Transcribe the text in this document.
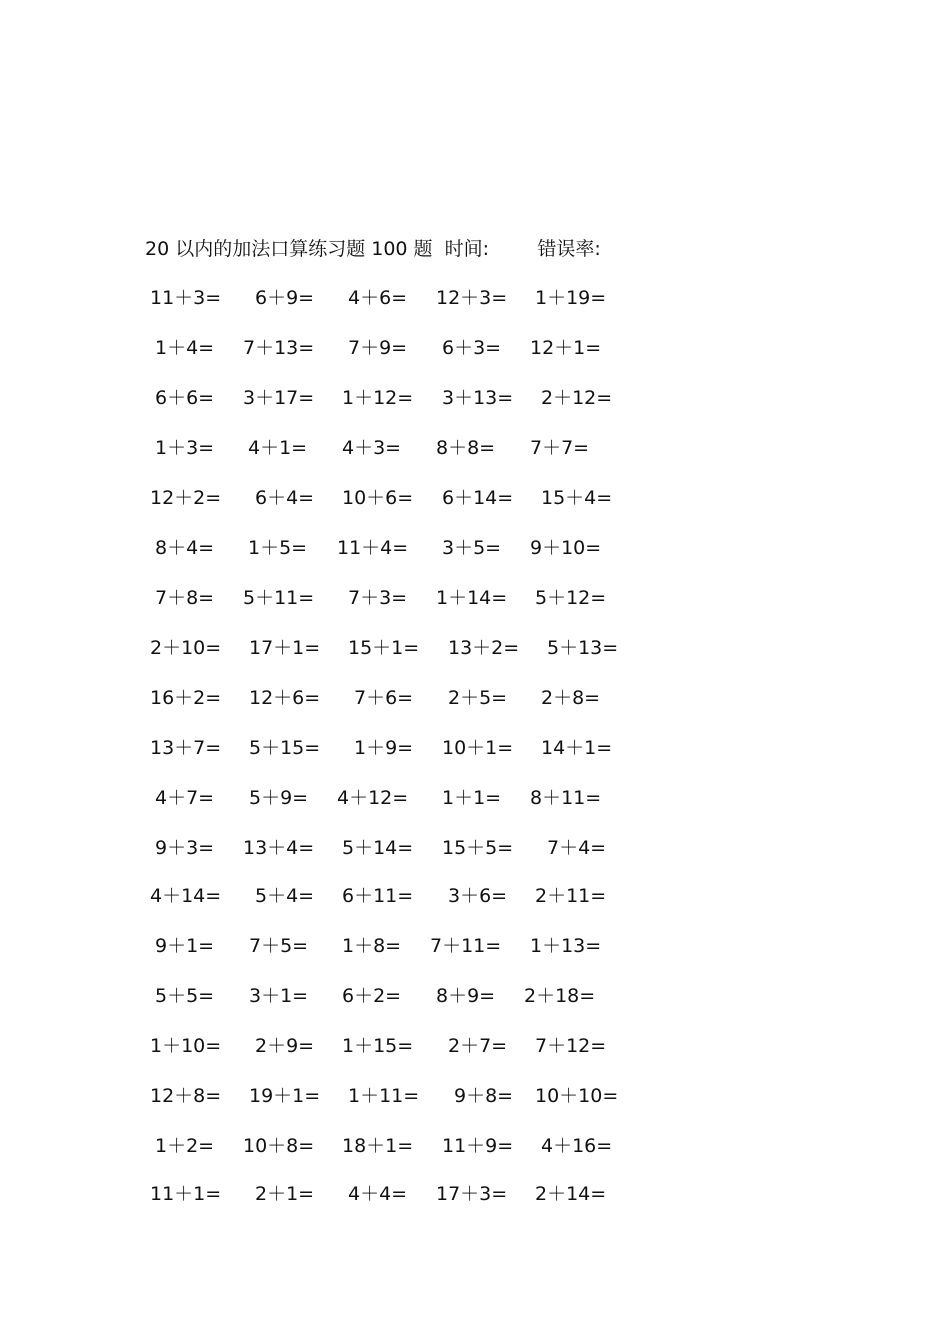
20 以内的加法口算练习题 100 题  时间:        错误率:
11＋3= 6＋9= 4＋6= 12＋3= 1＋19=
1＋4= 7＋13= 7＋9= 6＋3= 12＋1=
6＋6= 3＋17= 1＋12= 3＋13= 2＋12=
1＋3= 4＋1= 4＋3= 8＋8= 7＋7=
12＋2= 6＋4= 10＋6= 6＋14= 15＋4=
8＋4= 1＋5= 11＋4= 3＋5= 9＋10=
7＋8= 5＋11= 7＋3= 1＋14= 5＋12=
2＋10= 17＋1= 15＋1= 13＋2= 5＋13=
16＋2= 12＋6= 7＋6= 2＋5= 2＋8=
13＋7= 5＋15= 1＋9= 10＋1= 14＋1=
4＋7= 5＋9= 4＋12= 1＋1= 8＋11=
9＋3= 13＋4= 5＋14= 15＋5= 7＋4=
4＋14= 5＋4= 6＋11= 3＋6= 2＋11=
9＋1= 7＋5= 1＋8= 7＋11= 1＋13=
5＋5= 3＋1= 6＋2= 8＋9= 2＋18=
1＋10= 2＋9= 1＋15= 2＋7= 7＋12=
12＋8= 19＋1= 1＋11= 9＋8= 10＋10=
1＋2= 10＋8= 18＋1= 11＋9= 4＋16=
11＋1= 2＋1= 4＋4= 17＋3= 2＋14=
